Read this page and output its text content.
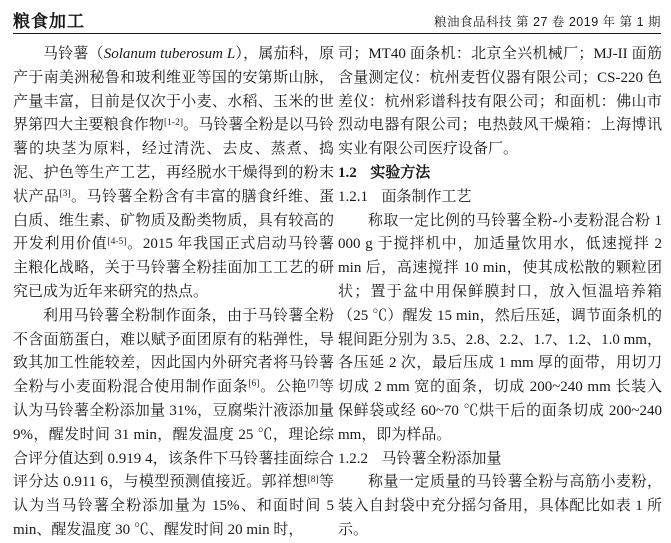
粮食加工	粮油食品科技 第 27 卷 2019 年 第 1 期

马铃薯（Solanum tuberosum L），属茄科，原产于南美洲秘鲁和玻利维亚等国的安第斯山脉，产量丰富，目前是仅次于小麦、水稻、玉米的世界第四大主要粮食作物[1-2]。马铃薯全粉是以马铃薯的块茎为原料，经过清洗、去皮、蒸煮、捣泥、护色等生产工艺，再经脱水干燥得到的粉末状产品[3]。马铃薯全粉含有丰富的膳食纤维、蛋白质、维生素、矿物质及酚类物质，具有较高的开发利用价值[4-5]。2015 年我国正式启动马铃薯主粮化战略，关于马铃薯全粉挂面加工工艺的研究已成为近年来研究的热点。

利用马铃薯全粉制作面条，由于马铃薯全粉不含面筋蛋白，难以赋予面团原有的粘弹性，导致其加工性能较差，因此国内外研究者将马铃薯全粉与小麦面粉混合使用制作面条[6]。公艳[7]等认为马铃薯全粉添加量 31%，豆腐柴汁液添加量 9%，醒发时间 31 min，醒发温度 25 ℃，理论综合评分值达到 0.919 4，该条件下马铃薯挂面综合评分达 0.911 6，与模型预测值接近。郭祥想[8]等认为当马铃薯全粉添加量为 15%、和面时间 5 min、醒发温度 30 ℃、醒发时间 20 min 时，

司；MT40 面条机：北京全兴机械厂；MJ-II 面筋含量测定仪：杭州麦哲仪器有限公司；CS-220 色差仪：杭州彩谱科技有限公司；和面机：佛山市烈动电器有限公司；电热鼓风干燥箱：上海博讯实业有限公司医疗设备厂。

1.2 实验方法
1.2.1 面条制作工艺

称取一定比例的马铃薯全粉-小麦粉混合粉 1 000 g 于搅拌机中，加适量饮用水，低速搅拌 2 min 后，高速搅拌 10 min，使其成松散的颗粒团状；置于盆中用保鲜膜封口，放入恒温培养箱（25 ℃）醒发 15 min，然后压延，调节面条机的辊间距分别为 3.5、2.8、2.2、1.7、1.2、1.0 mm，各压延 2 次，最后压成 1 mm 厚的面带，用切刀切成 2 mm 宽的面条，切成 200~240 mm 长装入保鲜袋或经 60~70 ℃烘干后的面条切成 200~240 mm，即为样品。

1.2.2 马铃薯全粉添加量

称量一定质量的马铃薯全粉与高筋小麦粉，装入自封袋中充分摇匀备用，具体配比如表 1 所示。
